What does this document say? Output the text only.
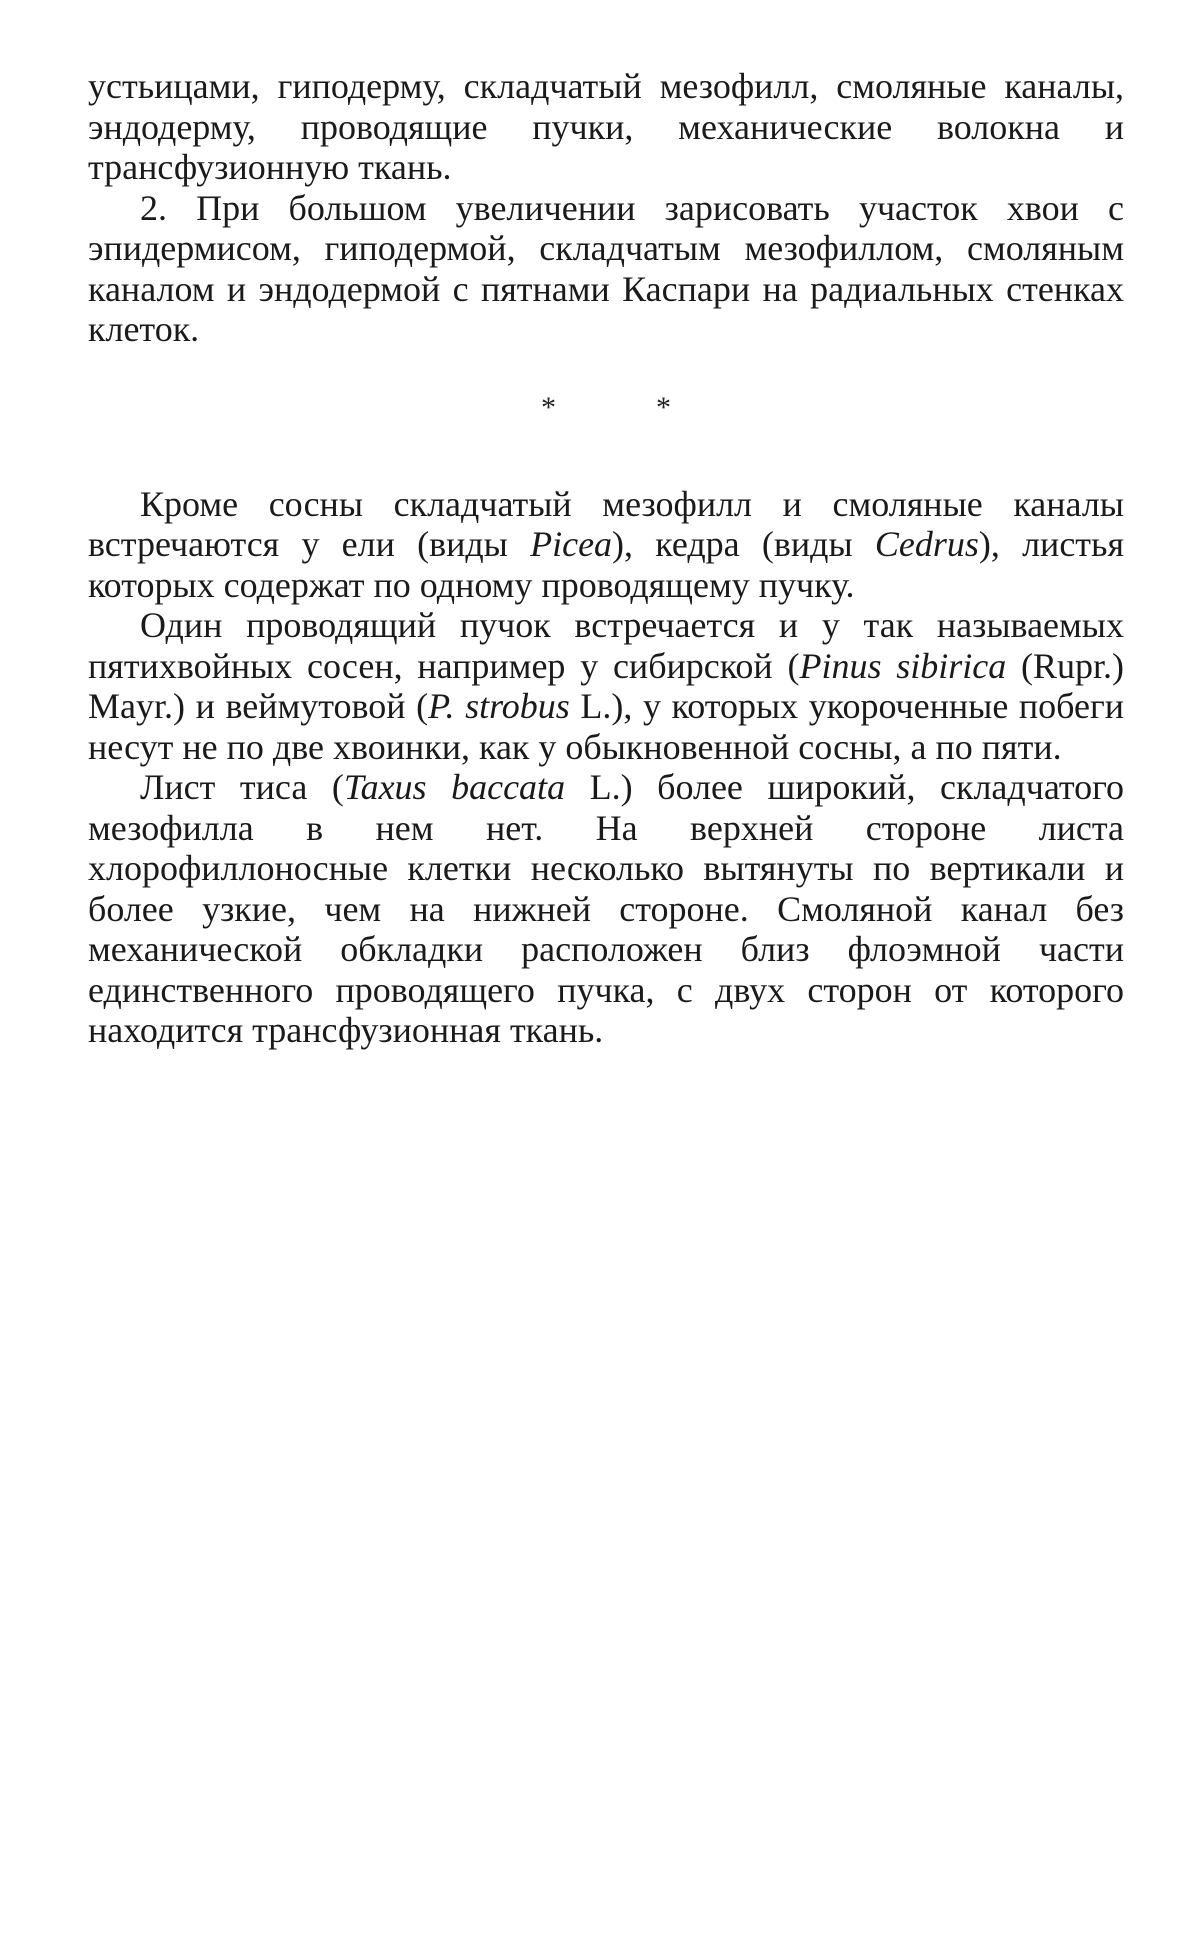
устьицами, гиподерму, складчатый мезофилл, смоляные каналы, эндодерму, проводящие пучки, механические волокна и трансфузионную ткань.

2. При большом увеличении зарисовать участок хвои с эпидермисом, гиподермой, складчатым мезофиллом, смоляным каналом и эндодермой с пятнами Каспари на радиальных стенках клеток.

*	*

Кроме сосны складчатый мезофилл и смоляные каналы встречаются у ели (виды Picea), кедра (виды Cedrus), листья которых содержат по одному проводящему пучку.

Один проводящий пучок встречается и у так называемых пятихвойных сосен, например у сибирской (Pinus sibirica (Rupr.) Mayr.) и веймутовой (P. strobus L.), у которых укороченные побеги несут не по две хвоинки, как у обыкновенной сосны, а по пяти.

Лист тиса (Taxus baccata L.) более широкий, складчатого мезофилла в нем нет. На верхней стороне листа хлорофиллоносные клетки несколько вытянуты по вертикали и более узкие, чем на нижней стороне. Смоляной канал без механической обкладки расположен близ флоэмной части единственного проводящего пучка, с двух сторон от которого находится трансфузионная ткань.
